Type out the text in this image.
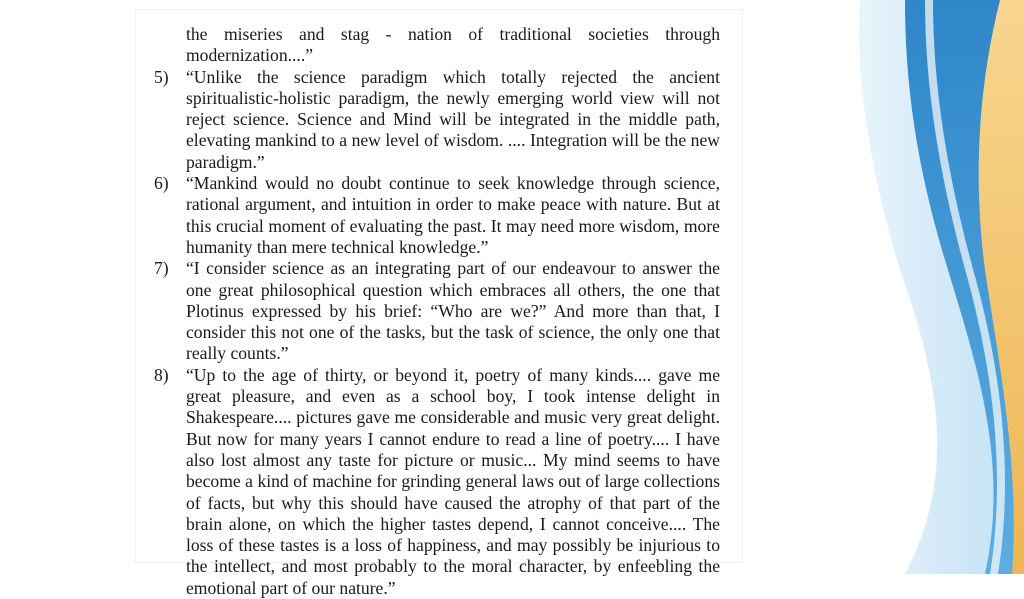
the miseries and stag - nation of traditional societies through modernization....”
5) “Unlike the science paradigm which totally rejected the ancient spiritualistic-holistic paradigm, the newly emerging world view will not reject science. Science and Mind will be integrated in the middle path, elevating mankind to a new level of wisdom. .... Integration will be the new paradigm.”
6) “Mankind would no doubt continue to seek knowledge through science, rational argument, and intuition in order to make peace with nature. But at this crucial moment of evaluating the past. It may need more wisdom, more humanity than mere technical knowledge.”
7) “I consider science as an integrating part of our endeavour to answer the one great philosophical question which embraces all others, the one that Plotinus expressed by his brief: “Who are we?” And more than that, I consider this not one of the tasks, but the task of science, the only one that really counts.”
8) “Up to the age of thirty, or beyond it, poetry of many kinds.... gave me great pleasure, and even as a school boy, I took intense delight in Shakespeare.... pictures gave me considerable and music very great delight. But now for many years I cannot endure to read a line of poetry.... I have also lost almost any taste for picture or music... My mind seems to have become a kind of machine for grinding general laws out of large collections of facts, but why this should have caused the atrophy of that part of the brain alone, on which the higher tastes depend, I cannot conceive.... The loss of these tastes is a loss of happiness, and may possibly be injurious to the intellect, and most probably to the moral character, by enfeebling the emotional part of our nature.”
